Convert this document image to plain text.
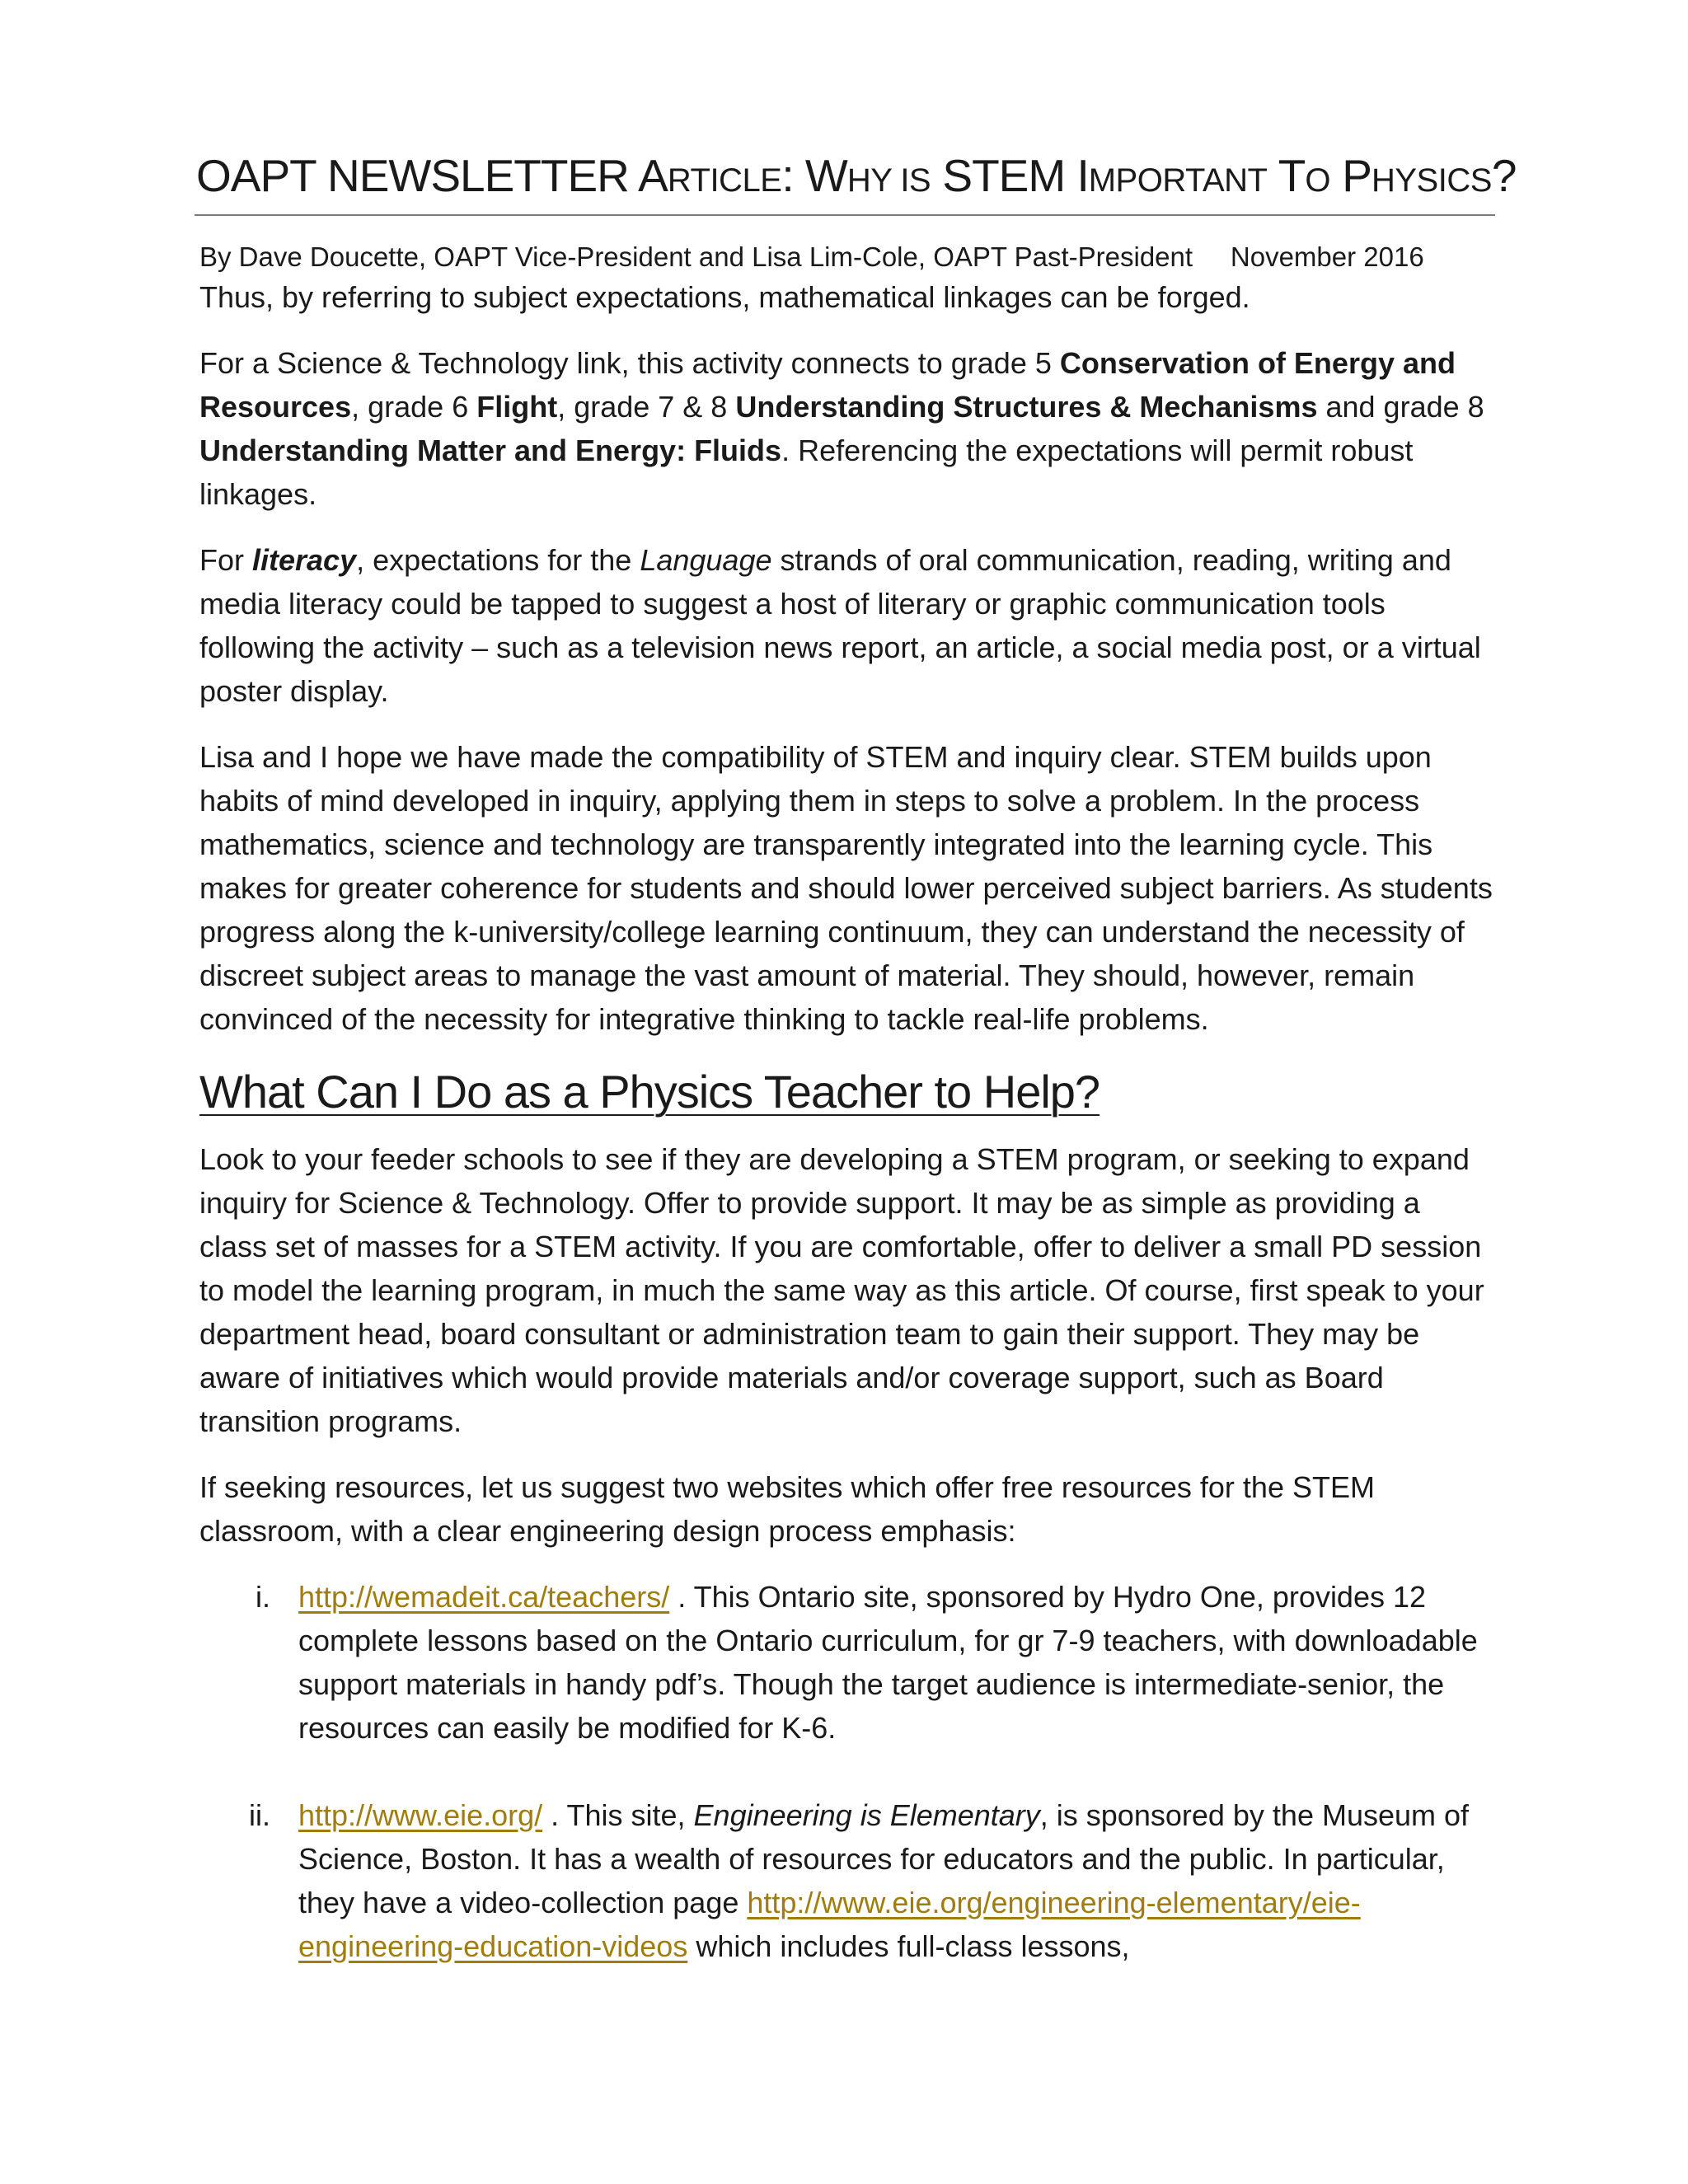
OAPT NEWSLETTER ARTICLE: WHY IS STEM IMPORTANT TO PHYSICS?
By Dave Doucette, OAPT Vice-President and Lisa Lim-Cole, OAPT Past-President     November 2016

Thus, by referring to subject expectations, mathematical linkages can be forged.

For a Science & Technology link, this activity connects to grade 5 Conservation of Energy and Resources, grade 6 Flight, grade 7 & 8 Understanding Structures & Mechanisms and grade 8 Understanding Matter and Energy: Fluids. Referencing the expectations will permit robust linkages.

For literacy, expectations for the Language strands of oral communication, reading, writing and media literacy could be tapped to suggest a host of literary or graphic communication tools following the activity – such as a television news report, an article, a social media post, or a virtual poster display.

Lisa and I hope we have made the compatibility of STEM and inquiry clear. STEM builds upon habits of mind developed in inquiry, applying them in steps to solve a problem. In the process mathematics, science and technology are transparently integrated into the learning cycle. This makes for greater coherence for students and should lower perceived subject barriers. As students progress along the k-university/college learning continuum, they can understand the necessity of discreet subject areas to manage the vast amount of material. They should, however, remain convinced of the necessity for integrative thinking to tackle real-life problems.

What Can I Do as a Physics Teacher to Help?

Look to your feeder schools to see if they are developing a STEM program, or seeking to expand inquiry for Science & Technology. Offer to provide support. It may be as simple as providing a class set of masses for a STEM activity. If you are comfortable, offer to deliver a small PD session to model the learning program, in much the same way as this article. Of course, first speak to your department head, board consultant or administration team to gain their support. They may be aware of initiatives which would provide materials and/or coverage support, such as Board transition programs.

If seeking resources, let us suggest two websites which offer free resources for the STEM classroom, with a clear engineering design process emphasis:

i. http://wemadeit.ca/teachers/ . This Ontario site, sponsored by Hydro One, provides 12 complete lessons based on the Ontario curriculum, for gr 7-9 teachers, with downloadable support materials in handy pdf’s. Though the target audience is intermediate-senior, the resources can easily be modified for K-6.
ii. http://www.eie.org/ . This site, Engineering is Elementary, is sponsored by the Museum of Science, Boston. It has a wealth of resources for educators and the public. In particular, they have a video-collection page http://www.eie.org/engineering-elementary/eie-engineering-education-videos which includes full-class lessons,
